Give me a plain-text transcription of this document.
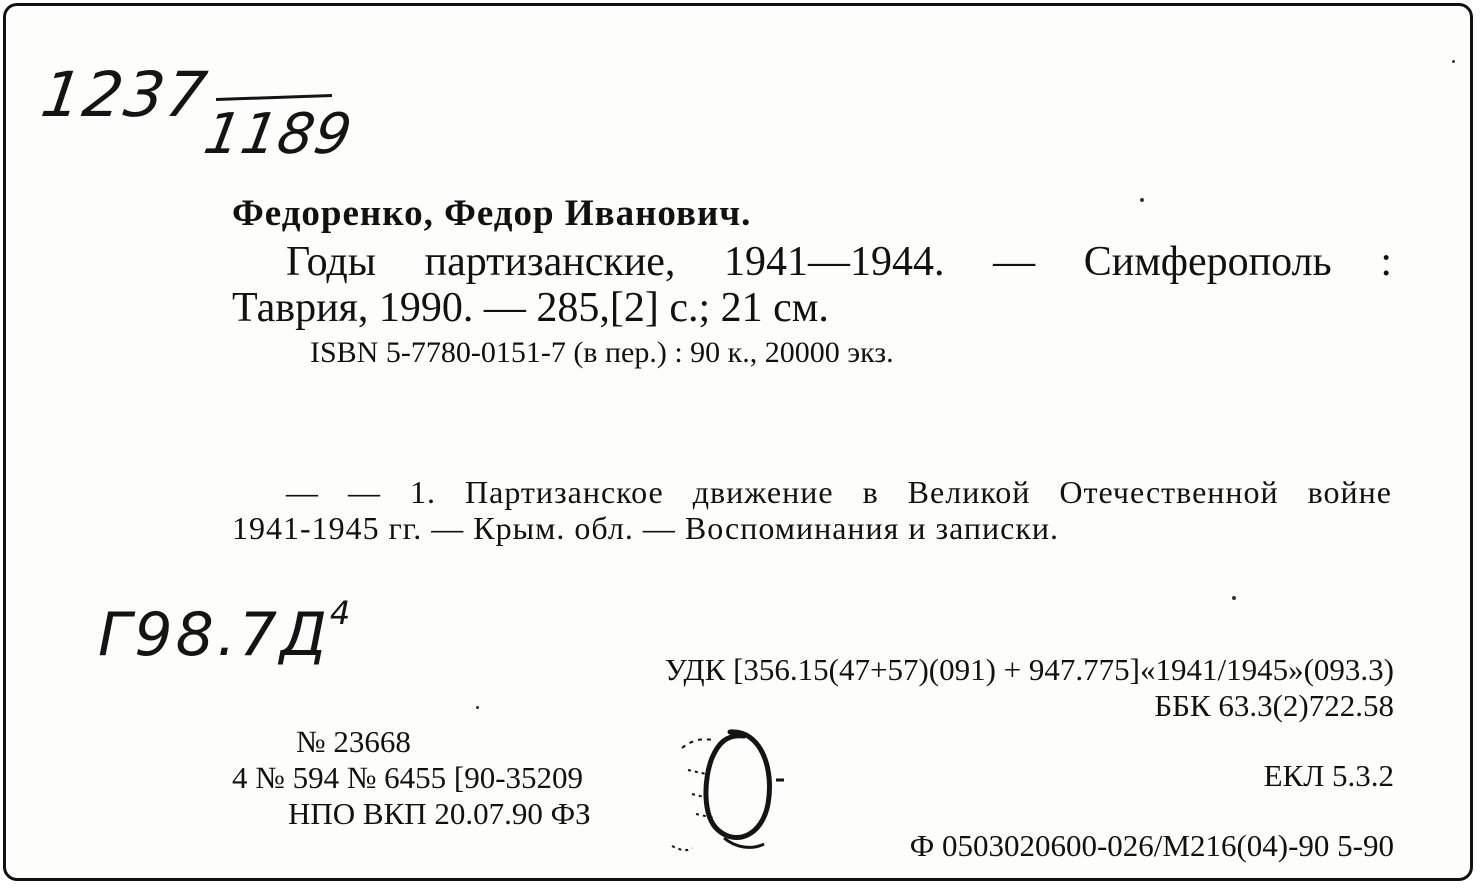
1237
1189
Федоренко, Федор Иванович.
Годы партизанские, 1941—1944. — Симферополь :
Таврия, 1990. — 285,[2] с.; 21 см.
ISBN 5-7780-0151-7 (в пер.) : 90 к., 20000 экз.
— — 1. Партизанское движение в Великой Отечественной войне
1941-1945 гг. — Крым. обл. — Воспоминания и записки.
$Г98.7Д^4$
УДК [356.15(47+57)(091) + 947.775]«1941/1945»(093.3)
ББК 63.3(2)722.58
№ 23668
4 № 594 № 6455 [90-35209
НПО ВКП 20.07.90 ФЗ
ЕКЛ 5.3.2
Ф 0503020600-026/М216(04)-90 5-90
